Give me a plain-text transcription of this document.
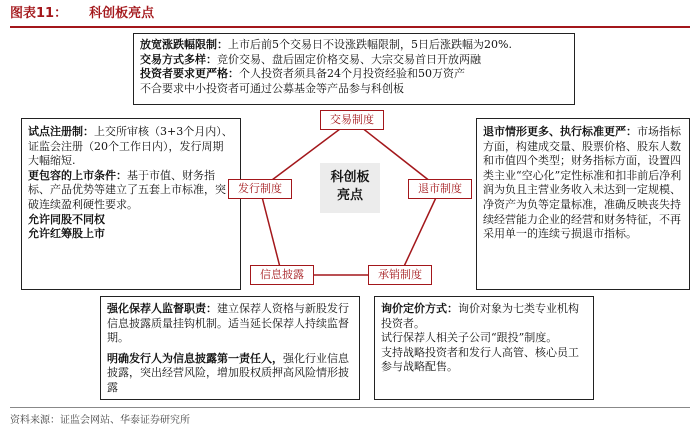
图表11： 科创板亮点

放宽涨跌幅限制：上市后前5个交易日不设涨跌幅限制，5日后涨跌幅为20%.

交易方式多样：竞价交易、盘后固定价格交易、大宗交易首日开放两融

投资者要求更严格：个人投资者须具备24个月投资经验和50万资产

不合要求中小投资者可通过公募基金等产品参与科创板

试点注册制：上交所审核（3+3个月内）、证监会注册（20个工作日内），发行周期大幅缩短.

更包容的上市条件：基于市值、财务指标、产品优势等建立了五套上市标准，突破连续盈利硬性要求。

允许同股不同权

允许红筹股上市

退市情形更多、执行标准更严：市场指标方面，构建成交量、股票价格、股东人数和市值四个类型；财务指标方面，设置四类主业“空心化”定性标准和扣非前后净利润为负且主营业务收入未达到一定规模、净资产为负等定量标准，准确反映丧失持续经营能力企业的经营和财务特征，不再采用单一的连续亏损退市指标。

强化保荐人监督职责：建立保荐人资格与新股发行信息披露质量挂钩机制。适当延长保荐人持续监督期。

明确发行人为信息披露第一责任人，强化行业信息披露，突出经营风险，增加股权质押高风险情形披露

询价定价方式：询价对象为七类专业机构投资者。

试行保荐人相关子公司“跟投”制度。

支持战略投资者和发行人高管、核心员工参与战略配售。

交易制度
退市制度
承销制度
信息披露
发行制度
科创板
亮点
资料来源：证监会网站、华泰证券研究所
